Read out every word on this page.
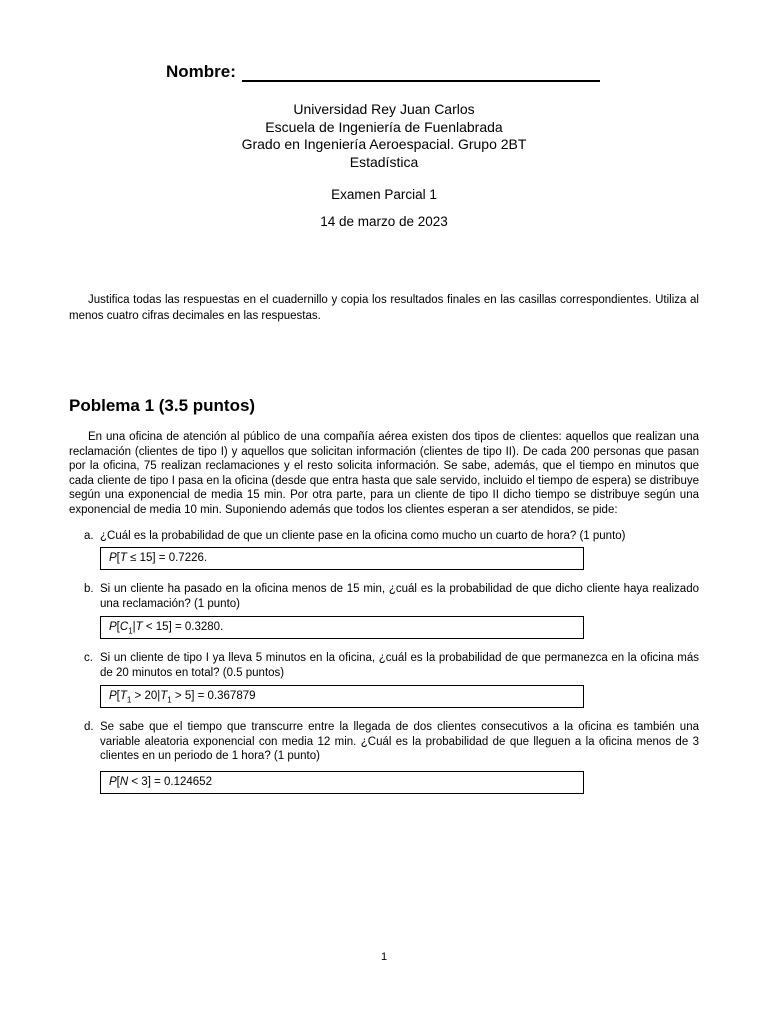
Nombre:
Universidad Rey Juan Carlos
Escuela de Ingeniería de Fuenlabrada
Grado en Ingeniería Aeroespacial. Grupo 2BT
Estadística
Examen Parcial 1
14 de marzo de 2023
Justifica todas las respuestas en el cuadernillo y copia los resultados finales en las casillas correspondientes. Utiliza al menos cuatro cifras decimales en las respuestas.
Poblema 1 (3.5 puntos)
En una oficina de atención al público de una compañía aérea existen dos tipos de clientes: aquellos que realizan una reclamación (clientes de tipo I) y aquellos que solicitan información (clientes de tipo II). De cada 200 personas que pasan por la oficina, 75 realizan reclamaciones y el resto solicita información. Se sabe, además, que el tiempo en minutos que cada cliente de tipo I pasa en la oficina (desde que entra hasta que sale servido, incluido el tiempo de espera) se distribuye según una exponencial de media 15 min. Por otra parte, para un cliente de tipo II dicho tiempo se distribuye según una exponencial de media 10 min. Suponiendo además que todos los clientes esperan a ser atendidos, se pide:
a. ¿Cuál es la probabilidad de que un cliente pase en la oficina como mucho un cuarto de hora? (1 punto)
P[T ≤ 15] = 0.7226.
b. Si un cliente ha pasado en la oficina menos de 15 min, ¿cuál es la probabilidad de que dicho cliente haya realizado una reclamación? (1 punto)
$P[C_1|T < 15] = 0.3280$.
c. Si un cliente de tipo I ya lleva 5 minutos en la oficina, ¿cuál es la probabilidad de que permanezca en la oficina más de 20 minutos en total? (0.5 puntos)
$P[T_1 > 20|T_1 > 5] = 0.367879$
d. Se sabe que el tiempo que transcurre entre la llegada de dos clientes consecutivos a la oficina es también una variable aleatoria exponencial con media 12 min. ¿Cuál es la probabilidad de que lleguen a la oficina menos de 3 clientes en un periodo de 1 hora? (1 punto)
P[N < 3] = 0.124652
1
